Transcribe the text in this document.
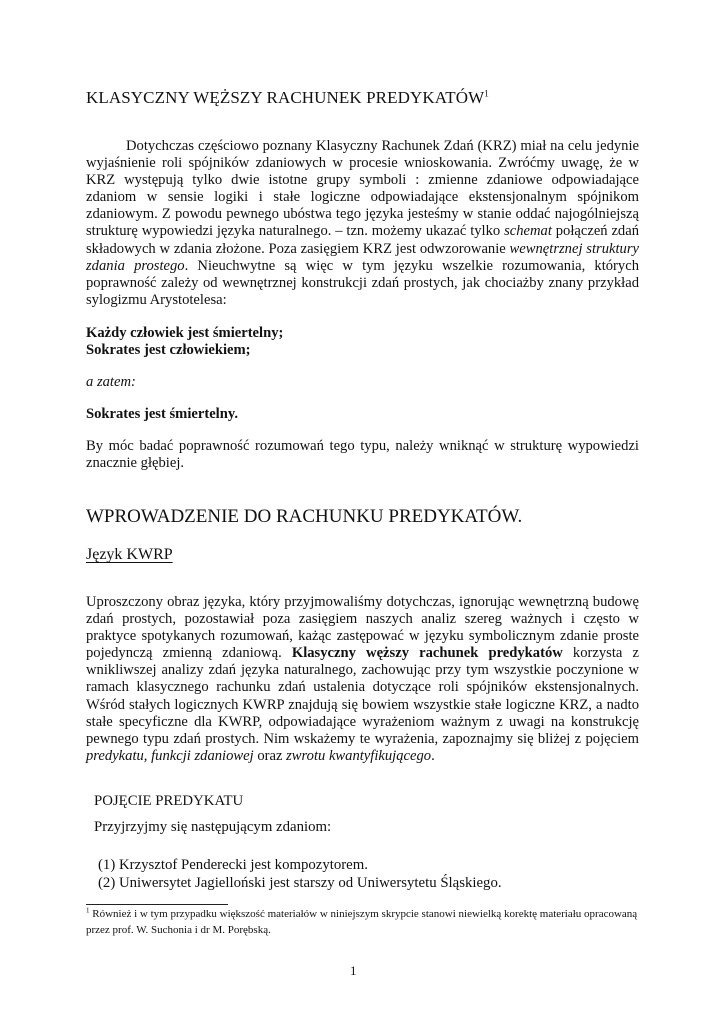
KLASYCZNY WĘŻSZY RACHUNEK PREDYKATÓW$^1$
Dotychczas częściowo poznany Klasyczny Rachunek Zdań (KRZ) miał na celu jedynie wyjaśnienie roli spójników zdaniowych w procesie wnioskowania. Zwróćmy uwagę, że w KRZ występują tylko dwie istotne grupy symboli : zmienne zdaniowe odpowiadające zdaniom w sensie logiki i stałe logiczne odpowiadające ekstensjonalnym spójnikom zdaniowym. Z powodu pewnego ubóstwa tego języka jesteśmy w stanie oddać najogólniejszą strukturę wypowiedzi języka naturalnego. – tzn. możemy ukazać tylko schemat połączeń zdań składowych w zdania złożone. Poza zasięgiem KRZ jest odwzorowanie wewnętrznej struktury zdania prostego. Nieuchwytne są więc w tym języku wszelkie rozumowania, których poprawność zależy od wewnętrznej konstrukcji zdań prostych, jak chociażby znany przykład sylogizmu Arystotelesa:
Każdy człowiek jest śmiertelny;
Sokrates jest człowiekiem;
a zatem:
Sokrates jest śmiertelny.
By móc badać poprawność rozumowań tego typu, należy wniknąć w strukturę wypowiedzi znacznie głębiej.
WPROWADZENIE DO RACHUNKU PREDYKATÓW.
Język KWRP
Uproszczony obraz języka, który przyjmowaliśmy dotychczas, ignorując wewnętrzną budowę zdań prostych, pozostawiał poza zasięgiem naszych analiz szereg ważnych i często w praktyce spotykanych rozumowań, każąc zastępować w języku symbolicznym zdanie proste pojedynczą zmienną zdaniową. Klasyczny węższy rachunek predykatów korzysta z wnikliwszej analizy zdań języka naturalnego, zachowując przy tym wszystkie poczynione w ramach klasycznego rachunku zdań ustalenia dotyczące roli spójników ekstensjonalnych. Wśród stałych logicznych KWRP znajdują się bowiem wszystkie stałe logiczne KRZ, a nadto stałe specyficzne dla KWRP, odpowiadające wyrażeniom ważnym z uwagi na konstrukcję pewnego typu zdań prostych. Nim wskażemy te wyrażenia, zapoznajmy się bliżej z pojęciem predykatu, funkcji zdaniowej oraz zwrotu kwantyfikującego.
POJĘCIE PREDYKATU
Przyjrzyjmy się następującym zdaniom:
(1) Krzysztof Penderecki jest kompozytorem.
(2) Uniwersytet Jagielloński jest starszy od Uniwersytetu Śląskiego.
$^1$ Również i w tym przypadku większość materiałów w niniejszym skrypcie stanowi niewielką korektę materiału opracowaną przez prof. W. Suchonia i dr M. Porębską.
1
